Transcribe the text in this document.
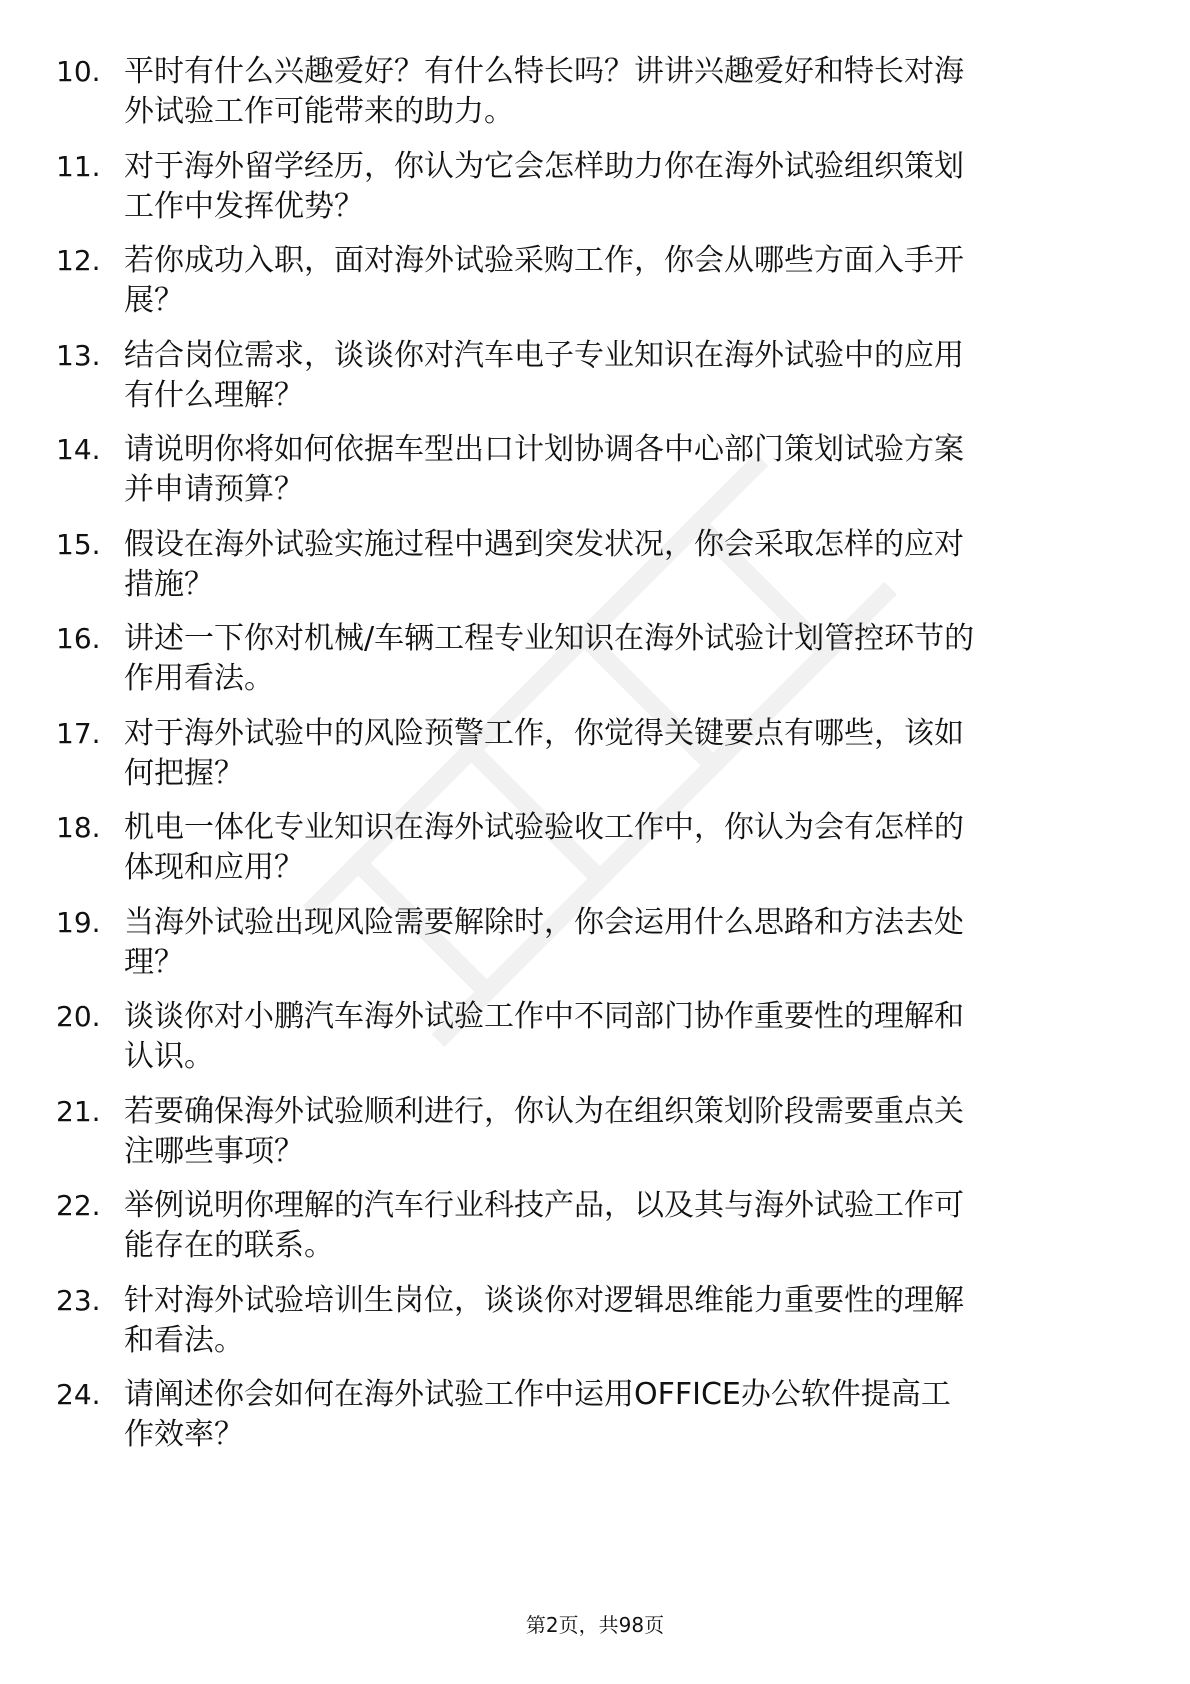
10. 平时有什么兴趣爱好？有什么特长吗？讲讲兴趣爱好和特长对海
外试验工作可能带来的助力。
11. 对于海外留学经历，你认为它会怎样助力你在海外试验组织策划
工作中发挥优势？
12. 若你成功入职，面对海外试验采购工作，你会从哪些方面入手开
展？
13. 结合岗位需求，谈谈你对汽车电子专业知识在海外试验中的应用
有什么理解？
14. 请说明你将如何依据车型出口计划协调各中心部门策划试验方案
并申请预算？
15. 假设在海外试验实施过程中遇到突发状况，你会采取怎样的应对
措施？
16. 讲述一下你对机械/车辆工程专业知识在海外试验计划管控环节的
作用看法。
17. 对于海外试验中的风险预警工作，你觉得关键要点有哪些，该如
何把握？
18. 机电一体化专业知识在海外试验验收工作中，你认为会有怎样的
体现和应用？
19. 当海外试验出现风险需要解除时，你会运用什么思路和方法去处
理？
20. 谈谈你对小鹏汽车海外试验工作中不同部门协作重要性的理解和
认识。
21. 若要确保海外试验顺利进行，你认为在组织策划阶段需要重点关
注哪些事项？
22. 举例说明你理解的汽车行业科技产品，以及其与海外试验工作可
能存在的联系。
23. 针对海外试验培训生岗位，谈谈你对逻辑思维能力重要性的理解
和看法。
24. 请阐述你会如何在海外试验工作中运用OFFICE办公软件提高工
作效率？
第2页，共98页
